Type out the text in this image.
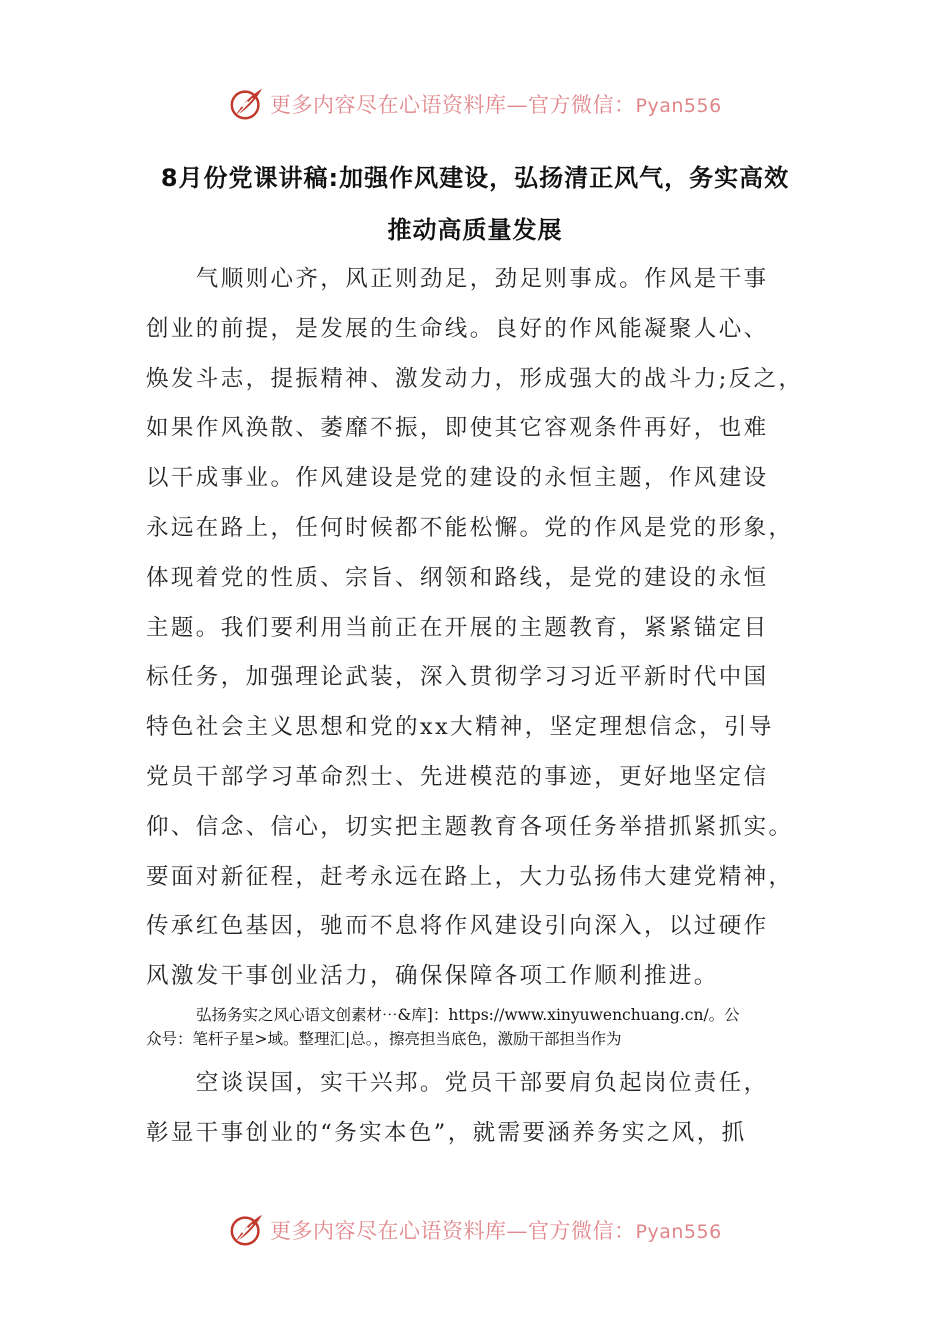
更多内容尽在心语资料库—官方微信：Pyan556
8月份党课讲稿:加强作风建设，弘扬清正风气，务实高效
推动高质量发展
　　气顺则心齐，风正则劲足，劲足则事成。作风是干事
创业的前提，是发展的生命线。良好的作风能凝聚人心、
焕发斗志，提振精神、激发动力，形成强大的战斗力;反之，
如果作风涣散、萎靡不振，即使其它容观条件再好，也难
以干成事业。作风建设是党的建设的永恒主题，作风建设
永远在路上，任何时候都不能松懈。党的作风是党的形象，
体现着党的性质、宗旨、纲领和路线，是党的建设的永恒
主题。我们要利用当前正在开展的主题教育，紧紧锚定目
标任务，加强理论武装，深入贯彻学习习近平新时代中国
特色社会主义思想和党的xx大精神，坚定理想信念，引导
党员干部学习革命烈士、先进模范的事迹，更好地坚定信
仰、信念、信心，切实把主题教育各项任务举措抓紧抓实。
要面对新征程，赶考永远在路上，大力弘扬伟大建党精神，
传承红色基因，驰而不息将作风建设引向深入，以过硬作
风激发干事创业活力，确保保障各项工作顺利推进。
弘扬务实之风心语文创素材⋯&库]：https://www.xinyuwenchuang.cn/。公
众号：笔杆子星>域。整理汇|总。，擦亮担当底色，激励干部担当作为
　　空谈误国，实干兴邦。党员干部要肩负起岗位责任，
彰显干事创业的“务实本色”，就需要涵养务实之风，抓
更多内容尽在心语资料库—官方微信：Pyan556
